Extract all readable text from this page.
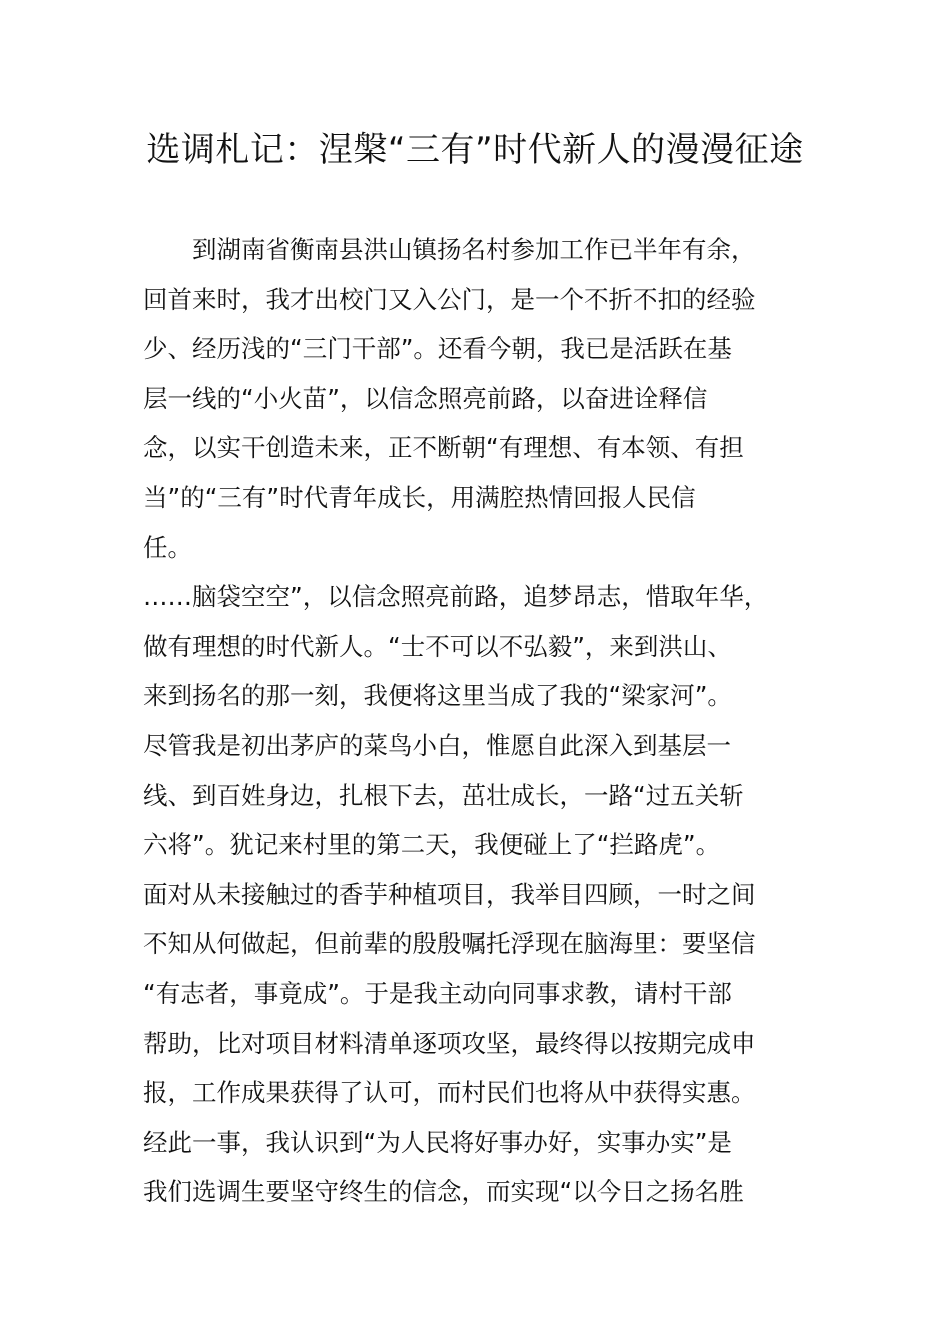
选调札记：涅槃“三有”时代新人的漫漫征途

到湖南省衡南县洪山镇扬名村参加工作已半年有余，

回首来时，我才出校门又入公门，是一个不折不扣的经验

少、经历浅的“三门干部”。还看今朝，我已是活跃在基

层一线的“小火苗”，以信念照亮前路，以奋进诠释信

念，以实干创造未来，正不断朝“有理想、有本领、有担

当”的“三有”时代青年成长，用满腔热情回报人民信

任。

……脑袋空空”，以信念照亮前路，追梦昂志，惜取年华，

做有理想的时代新人。“士不可以不弘毅”，来到洪山、

来到扬名的那一刻，我便将这里当成了我的“梁家河”。

尽管我是初出茅庐的菜鸟小白，惟愿自此深入到基层一

线、到百姓身边，扎根下去，茁壮成长，一路“过五关斩

六将”。犹记来村里的第二天，我便碰上了“拦路虎”。

面对从未接触过的香芋种植项目，我举目四顾，一时之间

不知从何做起，但前辈的殷殷嘱托浮现在脑海里：要坚信

“有志者，事竟成”。于是我主动向同事求教，请村干部

帮助，比对项目材料清单逐项攻坚，最终得以按期完成申

报，工作成果获得了认可，而村民们也将从中获得实惠。

经此一事，我认识到“为人民将好事办好，实事办实”是

我们选调生要坚守终生的信念，而实现“以今日之扬名胜
